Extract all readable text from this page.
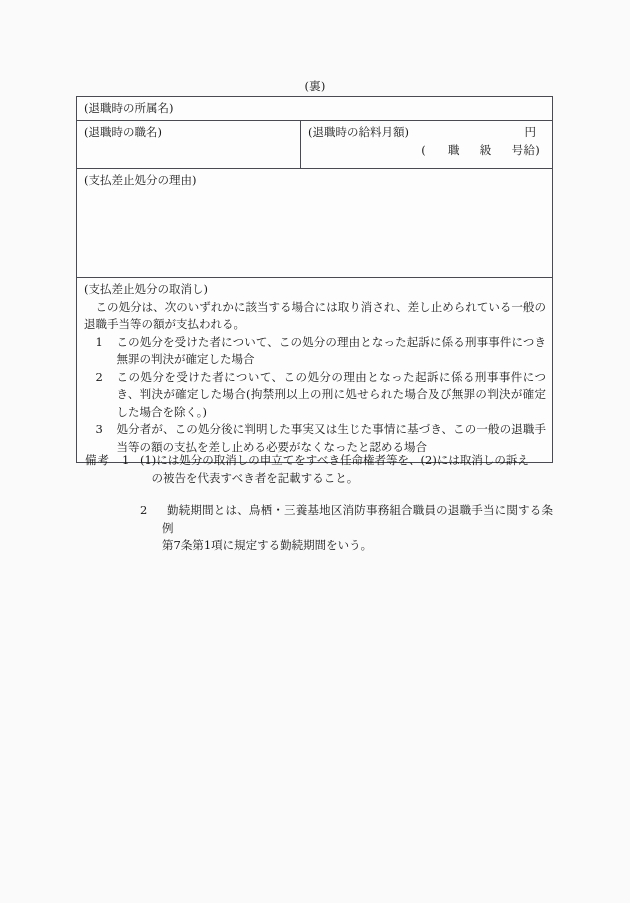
(裏)
(退職時の所属名)
(退職時の職名)	(退職時の給料月額)	円
( 職 級 号給)
(支払差止処分の理由)
(支払差止処分の取消し)
この処分は、次のいずれかに該当する場合には取り消され、差し止められている一般の退職手当等の額が支払われる。
1	この処分を受けた者について、この処分の理由となった起訴に係る刑事事件につき無罪の判決が確定した場合
2	この処分を受けた者について、この処分の理由となった起訴に係る刑事事件につき、判決が確定した場合(拘禁刑以上の刑に処せられた場合及び無罪の判決が確定した場合を除く。)
3	処分者が、この処分後に判明した事実又は生じた事情に基づき、この一般の退職手当等の額の支払を差し止める必要がなくなったと認める場合
備考	1 (1)には処分の取消しの申立てをすべき任命権者等を、(2)には取消しの訴え
の被告を代表すべき者を記載すること。
2	勤続期間とは、鳥栖・三養基地区消防事務組合職員の退職手当に関する条例
第7条第1項に規定する勤続期間をいう。
